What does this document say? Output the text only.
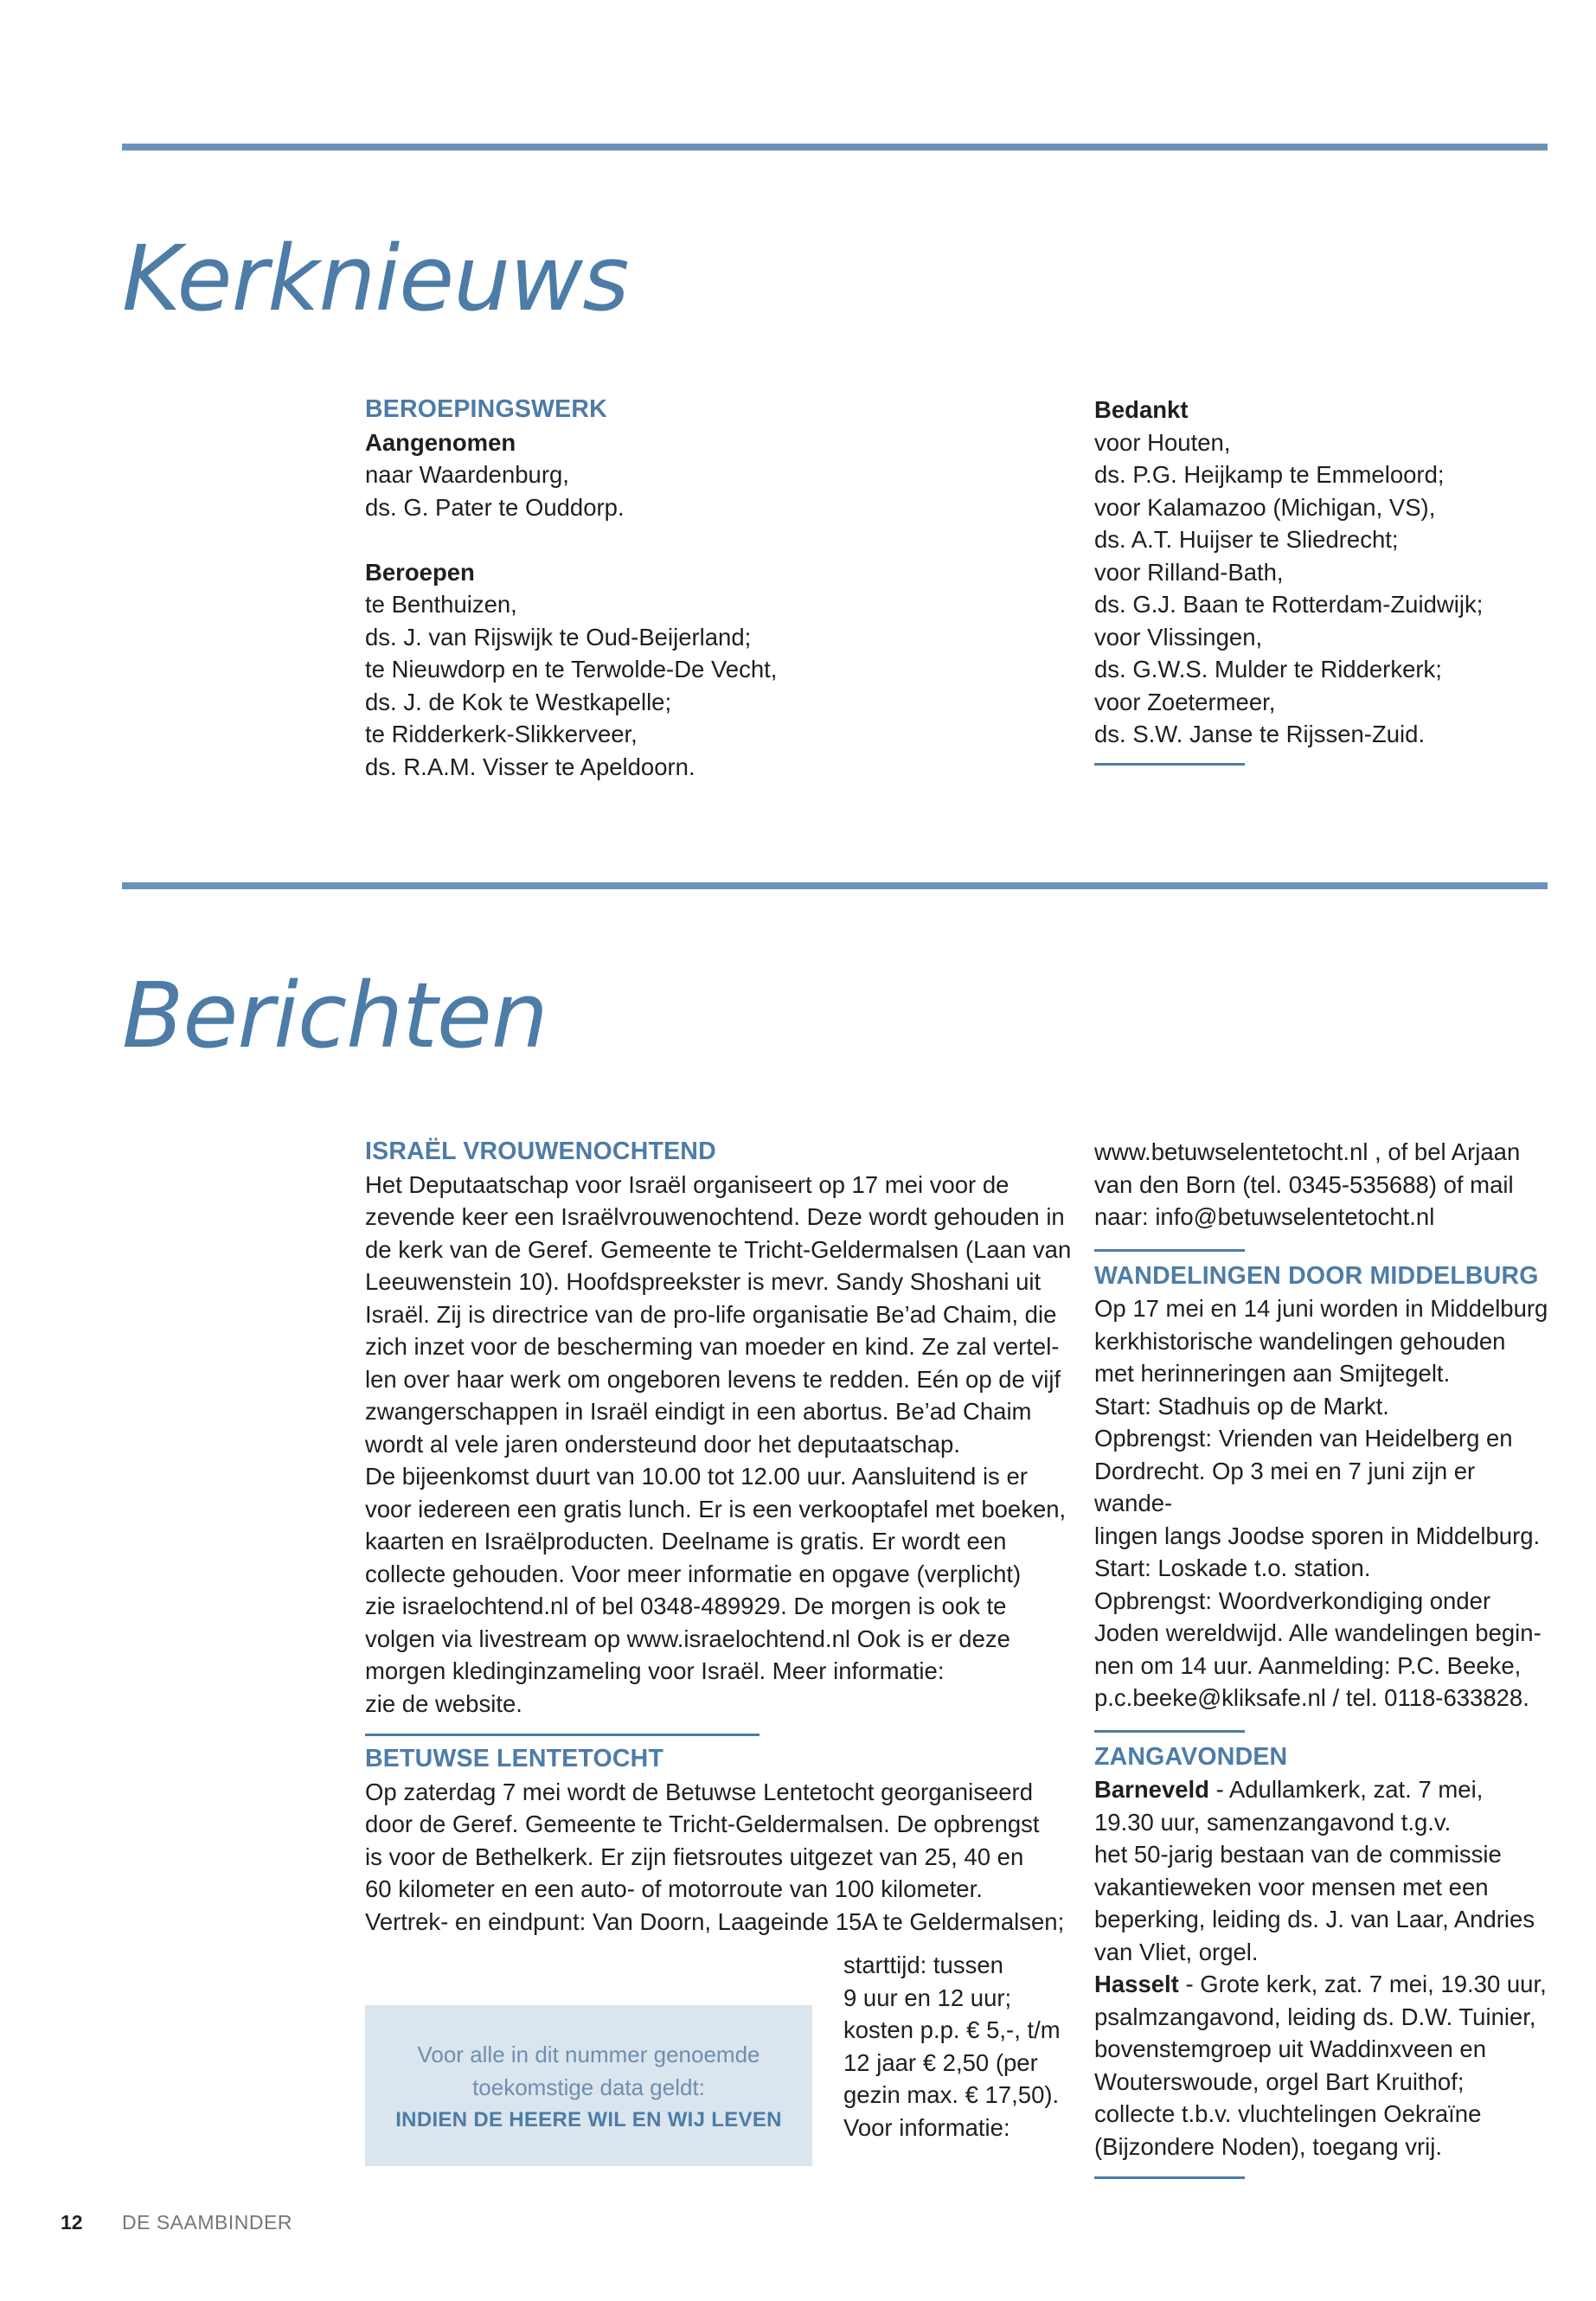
Kerknieuws
BEROEPINGSWERK
Aangenomen

naar Waardenburg,

ds. G. Pater te Ouddorp.

Beroepen

te Benthuizen,

ds. J. van Rijswijk te Oud-Beijerland;

te Nieuwdorp en te Terwolde-De Vecht,

ds. J. de Kok te Westkapelle;

te Ridderkerk-Slikkerveer,

ds. R.A.M. Visser te Apeldoorn.

Bedankt

voor Houten,

ds. P.G. Heijkamp te Emmeloord;

voor Kalamazoo (Michigan, VS),

ds. A.T. Huijser te Sliedrecht;

voor Rilland-Bath,

ds. G.J. Baan te Rotterdam-Zuidwijk;

voor Vlissingen,

ds. G.W.S. Mulder te Ridderkerk;

voor Zoetermeer,

ds. S.W. Janse te Rijssen-Zuid.

Berichten
ISRAËL VROUWENOCHTEND

Het Deputaatschap voor Israël organiseert op 17 mei voor de

zevende keer een Israëlvrouwenochtend. Deze wordt gehouden in

de kerk van de Geref. Gemeente te Tricht-Geldermalsen (Laan van

Leeuwenstein 10). Hoofdspreekster is mevr. Sandy Shoshani uit

Israël. Zij is directrice van de pro-life organisatie Be’ad Chaim, die

zich inzet voor de bescherming van moeder en kind. Ze zal vertel-

len over haar werk om ongeboren levens te redden. Eén op de vijf

zwangerschappen in Israël eindigt in een abortus. Be’ad Chaim

wordt al vele jaren ondersteund door het deputaatschap.

De bijeenkomst duurt van 10.00 tot 12.00 uur. Aansluitend is er

voor iedereen een gratis lunch. Er is een verkooptafel met boeken,

kaarten en Israëlproducten. Deelname is gratis. Er wordt een

collecte gehouden. Voor meer informatie en opgave (verplicht)

zie israelochtend.nl of bel 0348-489929. De morgen is ook te

volgen via livestream op www.israelochtend.nl Ook is er deze

morgen kledinginzameling voor Israël. Meer informatie:

zie de website.

BETUWSE LENTETOCHT

Op zaterdag 7 mei wordt de Betuwse Lentetocht georganiseerd

door de Geref. Gemeente te Tricht-Geldermalsen. De opbrengst

is voor de Bethelkerk. Er zijn fietsroutes uitgezet van 25, 40 en

60 kilometer en een auto- of motorroute van 100 kilometer.

Vertrek- en eindpunt: Van Doorn, Laageinde 15A te Geldermalsen;

starttijd: tussen

9 uur en 12 uur;

kosten p.p. € 5,-, t/m

12 jaar € 2,50 (per

gezin max. € 17,50).

Voor informatie:

Voor alle in dit nummer genoemde
toekomstige data geldt:
INDIEN DE HEERE WIL EN WIJ LEVEN

www.betuwselentetocht.nl , of bel Arjaan

van den Born (tel. 0345-535688) of mail

naar: info@betuwselentetocht.nl

WANDELINGEN DOOR MIDDELBURG

Op 17 mei en 14 juni worden in Middelburg

kerkhistorische wandelingen gehouden

met herinneringen aan Smijtegelt.

Start: Stadhuis op de Markt.

Opbrengst: Vrienden van Heidelberg en

Dordrecht. Op 3 mei en 7 juni zijn er wande-

lingen langs Joodse sporen in Middelburg.

Start: Loskade t.o. station.

Opbrengst: Woordverkondiging onder

Joden wereldwijd. Alle wandelingen begin-

nen om 14 uur. Aanmelding: P.C. Beeke,

p.c.beeke@kliksafe.nl / tel. 0118-633828.

ZANGAVONDEN

Barneveld - Adullamkerk, zat. 7 mei,

19.30 uur, samenzangavond t.g.v.

het 50-jarig bestaan van de commissie

vakantieweken voor mensen met een

beperking, leiding ds. J. van Laar, Andries

van Vliet, orgel.

Hasselt - Grote kerk, zat. 7 mei, 19.30 uur,

psalmzangavond, leiding ds. D.W. Tuinier,

bovenstemgroep uit Waddinxveen en

Wouterswoude, orgel Bart Kruithof;

collecte t.b.v. vluchtelingen Oekraïne

(Bijzondere Noden), toegang vrij.

12 DE SAAMBINDER
